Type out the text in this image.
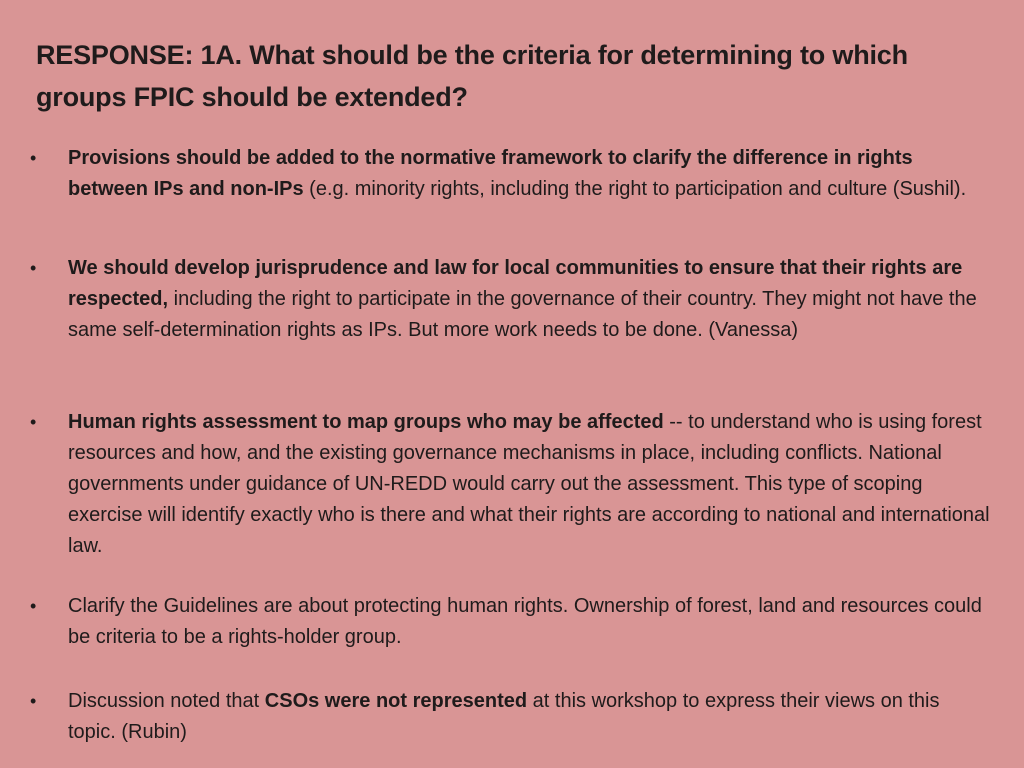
RESPONSE: 1A. What should be the criteria for determining to which groups FPIC should be extended?
•	Provisions should be added to the normative framework to clarify the difference in rights between IPs and non-IPs (e.g. minority rights, including the right to participation and culture (Sushil).
•	We should develop jurisprudence and law for local communities to ensure that their rights are respected, including the right to participate in the governance of their country. They might not have the same self-determination rights as IPs. But more work needs to be done. (Vanessa)
•	Human rights assessment to map groups who may be affected -- to understand who is using forest resources and how, and the existing governance mechanisms in place, including conflicts. National governments under guidance of UN-REDD would carry out the assessment. This type of scoping exercise will identify exactly who is there and what their rights are according to national and international law.
•	Clarify the Guidelines are about protecting human rights. Ownership of forest, land and resources could be criteria to be a rights-holder group.
•	Discussion noted that CSOs were not represented at this workshop to express their views on this topic. (Rubin)
